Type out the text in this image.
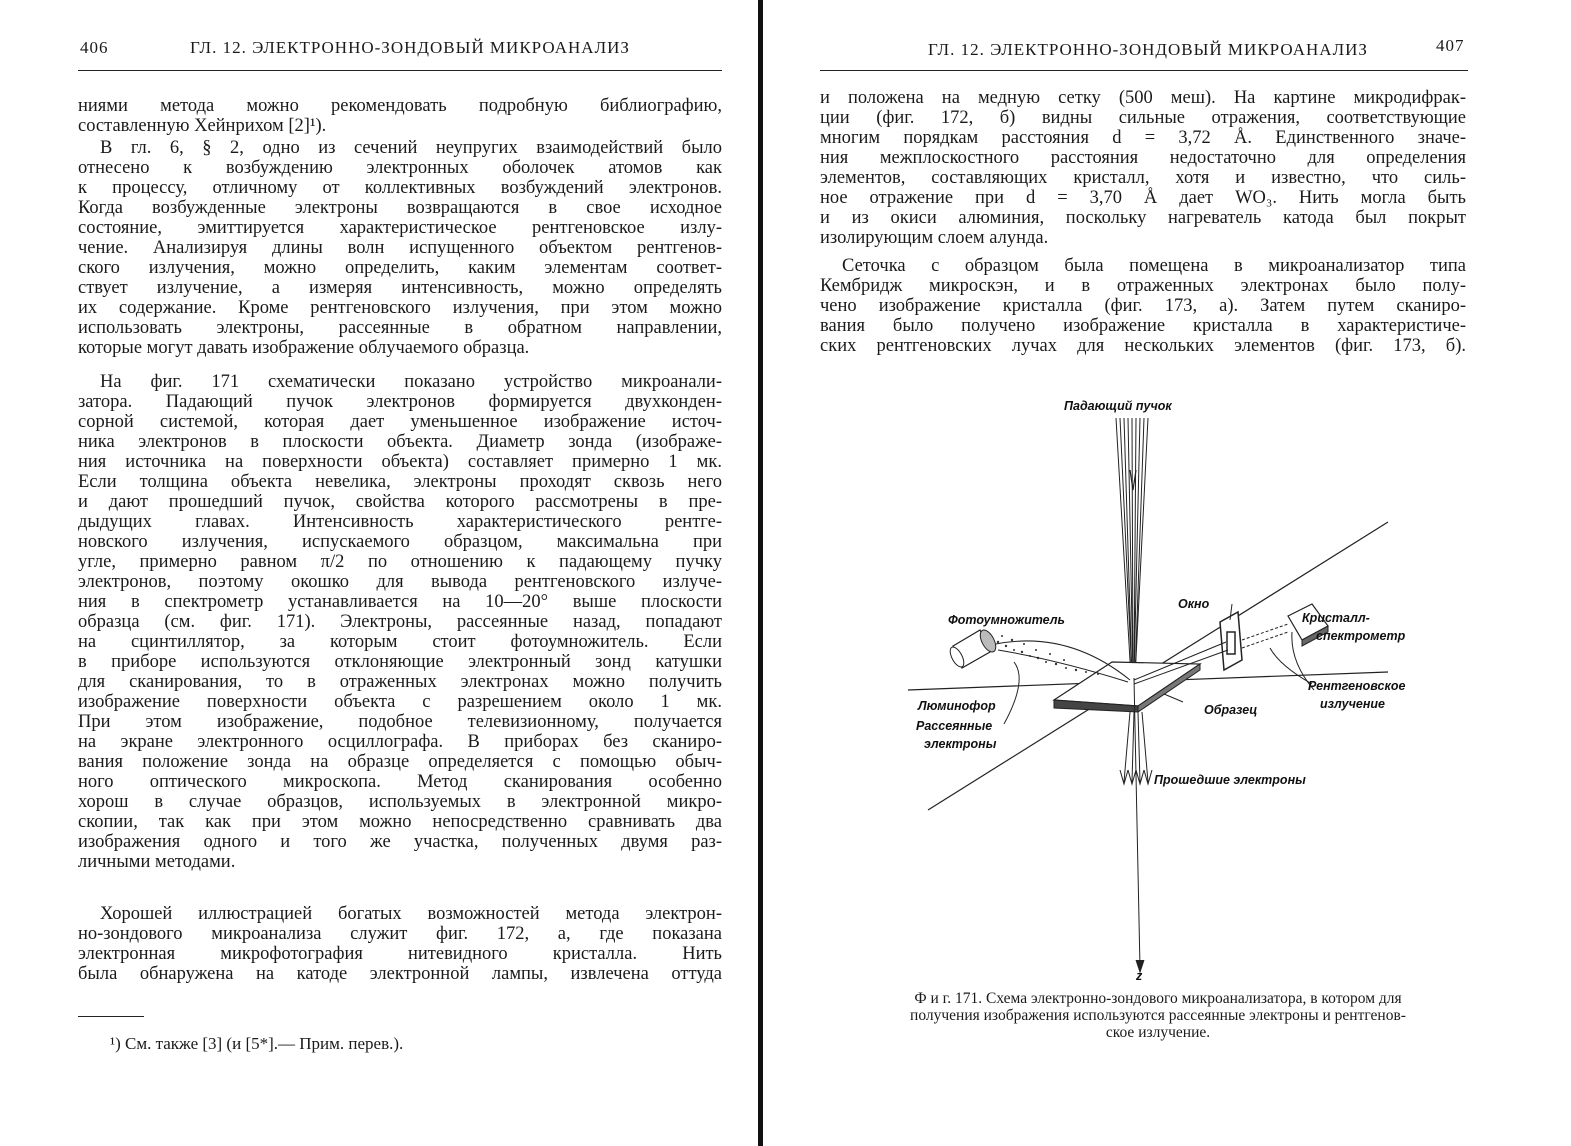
406	ГЛ. 12. ЭЛЕКТРОННО-ЗОНДОВЫЙ МИКРОАНАЛИЗ
ниями метода можно рекомендовать подробную библиографию,
составленную Хейнрихом [2]¹).
В гл. 6, § 2, одно из сечений неупругих взаимодействий было
отнесено к возбуждению электронных оболочек атомов как
к процессу, отличному от коллективных возбуждений электронов.
Когда возбужденные электроны возвращаются в свое исходное
состояние, эмиттируется характеристическое рентгеновское излу-
чение. Анализируя длины волн испущенного объектом рентгенов-
ского излучения, можно определить, каким элементам соответ-
ствует излучение, а измеряя интенсивность, можно определять
их содержание. Кроме рентгеновского излучения, при этом можно
использовать электроны, рассеянные в обратном направлении,
которые могут давать изображение облучаемого образца.
На фиг. 171 схематически показано устройство микроанали-
затора. Падающий пучок электронов формируется двухконден-
сорной системой, которая дает уменьшенное изображение источ-
ника электронов в плоскости объекта. Диаметр зонда (изображе-
ния источника на поверхности объекта) составляет примерно 1 мк.
Если толщина объекта невелика, электроны проходят сквозь него
и дают прошедший пучок, свойства которого рассмотрены в пре-
дыдущих главах. Интенсивность характеристического рентге-
новского излучения, испускаемого образцом, максимальна при
угле, примерно равном π/2 по отношению к падающему пучку
электронов, поэтому окошко для вывода рентгеновского излуче-
ния в спектрометр устанавливается на 10—20° выше плоскости
образца (см. фиг. 171). Электроны, рассеянные назад, попадают
на сцинтиллятор, за которым стоит фотоумножитель. Если
в приборе используются отклоняющие электронный зонд катушки
для сканирования, то в отраженных электронах можно получить
изображение поверхности объекта с разрешением около 1 мк.
При этом изображение, подобное телевизионному, получается
на экране электронного осциллографа. В приборах без сканиро-
вания положение зонда на образце определяется с помощью обыч-
ного оптического микроскопа. Метод сканирования особенно
хорош в случае образцов, используемых в электронной микро-
скопии, так как при этом можно непосредственно сравнивать два
изображения одного и того же участка, полученных двумя раз-
личными методами.
Хорошей иллюстрацией богатых возможностей метода электрон-
но-зондового микроанализа служит фиг. 172, а, где показана
электронная микрофотография нитевидного кристалла. Нить
была обнаружена на катоде электронной лампы, извлечена оттуда
¹) См. также [3] (и [5*].— Прим. перев.).
ГЛ. 12. ЭЛЕКТРОННО-ЗОНДОВЫЙ МИКРОАНАЛИЗ	407
и положена на медную сетку (500 меш). На картине микродифрак-
ции (фиг. 172, б) видны сильные отражения, соответствующие
многим порядкам расстояния d = 3,72 Å. Единственного значе-
ния межплоскостного расстояния недостаточно для определения
элементов, составляющих кристалл, хотя и известно, что силь-
ное отражение при d = 3,70 Å дает WO₃. Нить могла быть
и из окиси алюминия, поскольку нагреватель катода был покрыт
изолирующим слоем алунда.
Сеточка с образцом была помещена в микроанализатор типа
Кембридж микроскэн, и в отраженных электронах было полу-
чено изображение кристалла (фиг. 173, а). Затем путем сканиро-
вания было получено изображение кристалла в характеристиче-
ских рентгеновских лучах для нескольких элементов (фиг. 173, б).
Падающий пучок
Фотоумножитель
Окно
Кристалл-
спектрометр
Люминофор
Рассеянные
электроны
Образец
Рентгеновское
излучение
Прошедшие электроны
z
Ф и г. 171. Схема электронно-зондового микроанализатора, в котором для
получения изображения используются рассеянные электроны и рентгенов-
ское излучение.
